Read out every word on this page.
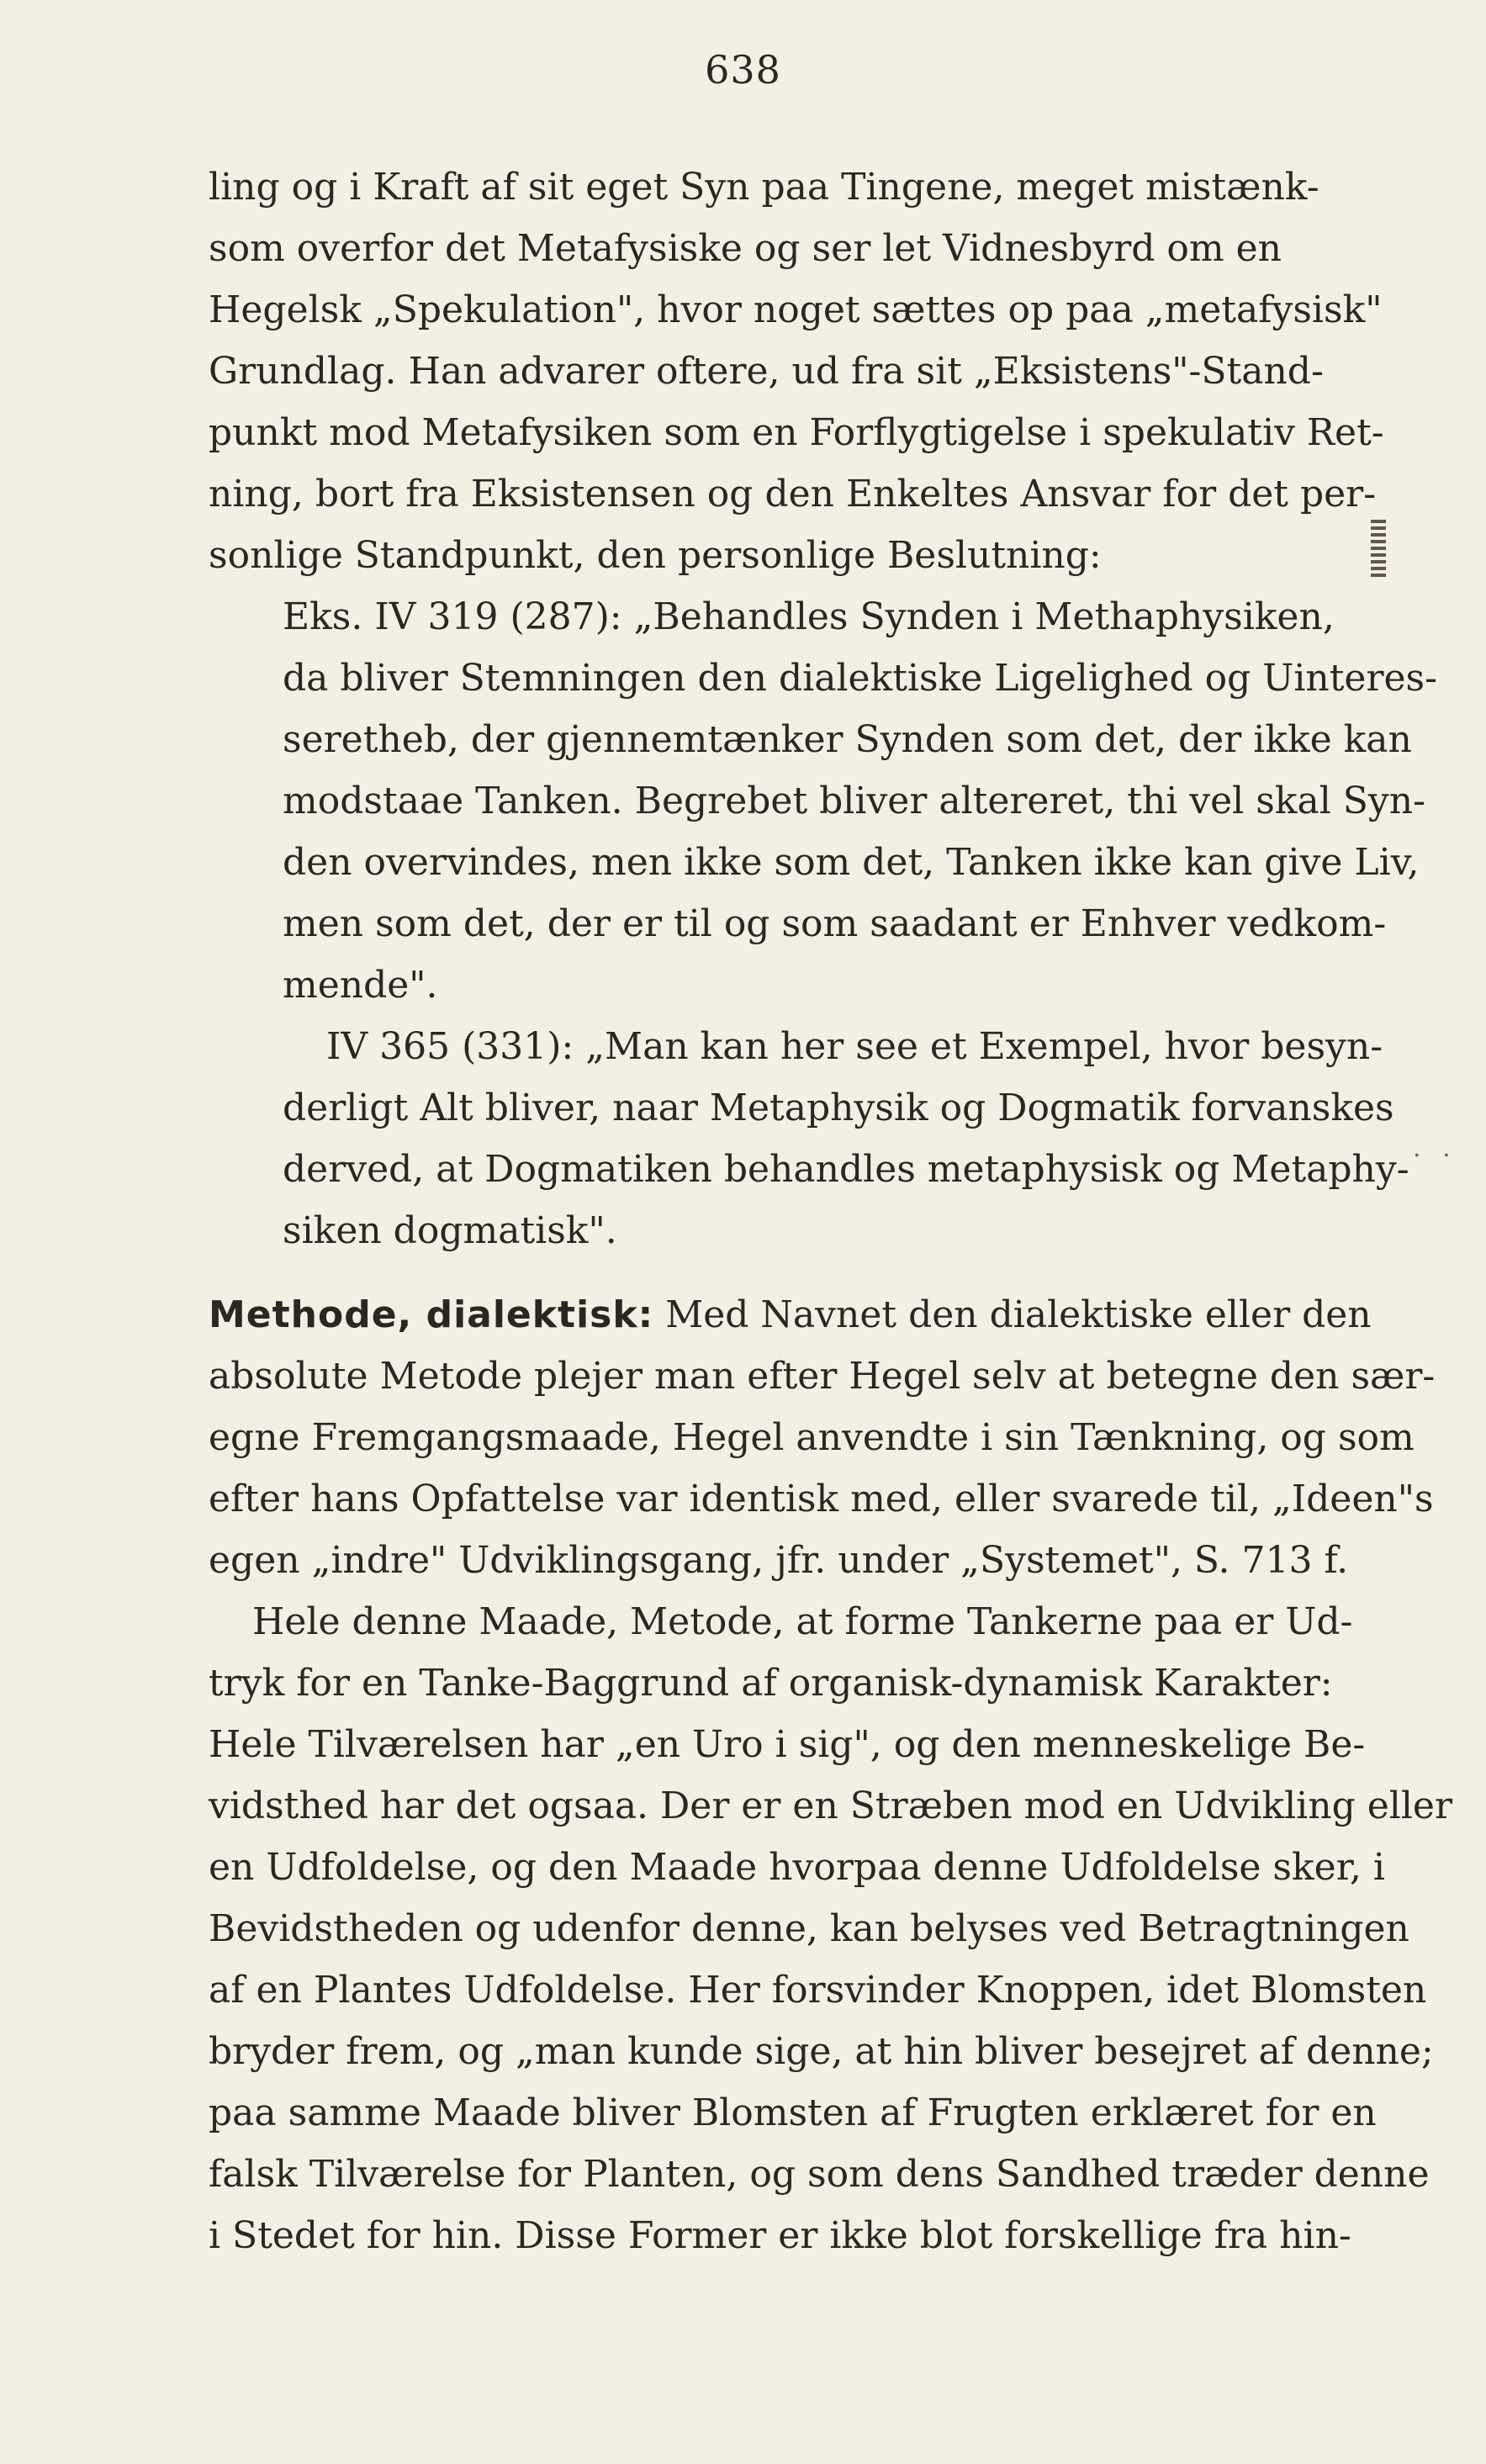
638
ling og i Kraft af sit eget Syn paa Tingene, meget mistænk-
som overfor det Metafysiske og ser let Vidnesbyrd om en
Hegelsk „Spekulation", hvor noget sættes op paa „metafysisk"
Grundlag. Han advarer oftere, ud fra sit „Eksistens"-Stand-
punkt mod Metafysiken som en Forflygtigelse i spekulativ Ret-
ning, bort fra Eksistensen og den Enkeltes Ansvar for det per-
sonlige Standpunkt, den personlige Beslutning:
Eks. IV 319 (287): „Behandles Synden i Methaphysiken,
da bliver Stemningen den dialektiske Ligelighed og Uinteres-
seretheb, der gjennemtænker Synden som det, der ikke kan
modstaae Tanken. Begrebet bliver altereret, thi vel skal Syn-
den overvindes, men ikke som det, Tanken ikke kan give Liv,
men som det, der er til og som saadant er Enhver vedkom-
mende".
IV 365 (331): „Man kan her see et Exempel, hvor besyn-
derligt Alt bliver, naar Metaphysik og Dogmatik forvanskes
derved, at Dogmatiken behandles metaphysisk og Metaphy-
siken dogmatisk".
. .
Methode, dialektisk: Med Navnet den dialektiske eller den
absolute Metode plejer man efter Hegel selv at betegne den sær-
egne Fremgangsmaade, Hegel anvendte i sin Tænkning, og som
efter hans Opfattelse var identisk med, eller svarede til, „Ideen"s
egen „indre" Udviklingsgang, jfr. under „Systemet", S. 713 f.
Hele denne Maade, Metode, at forme Tankerne paa er Ud-
tryk for en Tanke-Baggrund af organisk-dynamisk Karakter:
Hele Tilværelsen har „en Uro i sig", og den menneskelige Be-
vidsthed har det ogsaa. Der er en Stræben mod en Udvikling eller
en Udfoldelse, og den Maade hvorpaa denne Udfoldelse sker, i
Bevidstheden og udenfor denne, kan belyses ved Betragtningen
af en Plantes Udfoldelse. Her forsvinder Knoppen, idet Blomsten
bryder frem, og „man kunde sige, at hin bliver besejret af denne;
paa samme Maade bliver Blomsten af Frugten erklæret for en
falsk Tilværelse for Planten, og som dens Sandhed træder denne
i Stedet for hin. Disse Former er ikke blot forskellige fra hin-
